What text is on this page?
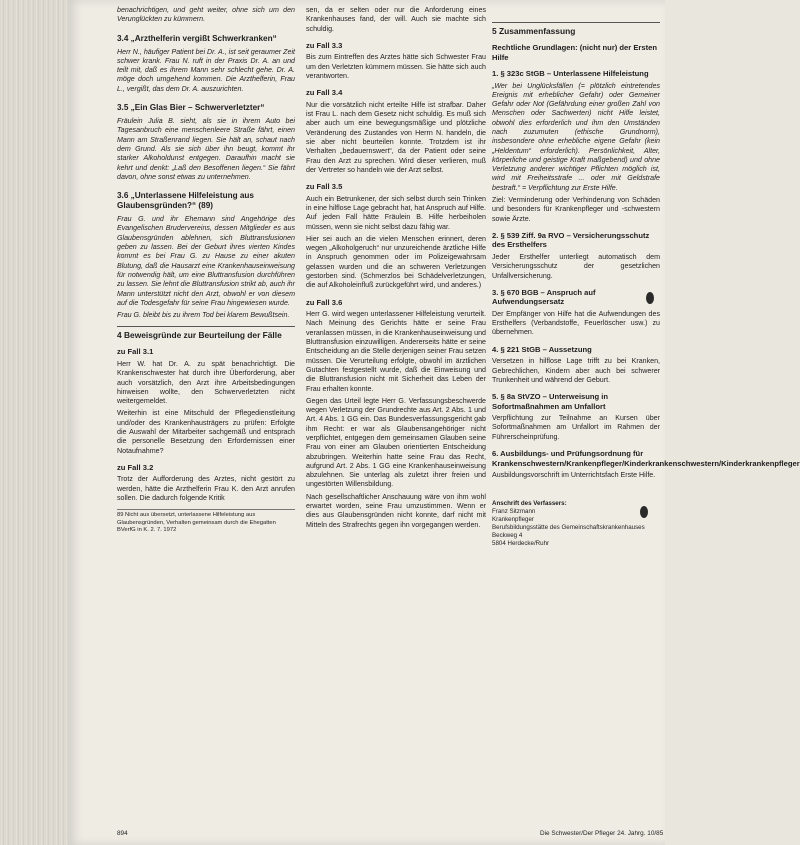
benachrichtigen, und geht weiter, ohne sich um den Verunglückten zu kümmern.

3.4 „Arzthelferin vergißt Schwerkranken“

Herr N., häufiger Patient bei Dr. A., ist seit geraumer Zeit schwer krank. Frau N. ruft in der Praxis Dr. A. an und teilt mit, daß es ihrem Mann sehr schlecht gehe. Dr. A. möge doch umgehend kommen. Die Arzthelferin, Frau L., vergißt, das dem Dr. A. auszurichten.

3.5 „Ein Glas Bier – Schwerverletzter“

Fräulein Julia B. sieht, als sie in ihrem Auto bei Tagesanbruch eine menschenleere Straße fährt, einen Mann am Straßenrand liegen. Sie hält an, schaut nach dem Grund. Als sie sich über ihn beugt, kommt ihr starker Alkoholdunst entgegen. Daraufhin macht sie kehrt und denkt: „Laß den Besoffenen liegen.“ Sie fährt davon, ohne sonst etwas zu unternehmen.

3.6 „Unterlassene Hilfeleistung aus Glaubensgründen?“ (89)

Frau G. und ihr Ehemann sind Angehörige des Evangelischen Brudervereins, dessen Mitglieder es aus Glaubensgründen ablehnen, sich Bluttransfusionen geben zu lassen. Bei der Geburt ihres vierten Kindes kommt es bei Frau G. zu Hause zu einer akuten Blutung, daß die Hausarzt eine Krankenhauseinweisung für notwendig hält, um eine Bluttransfusion durchführen zu lassen. Sie lehnt die Bluttransfusion strikt ab, auch ihr Mann unterstützt nicht den Arzt, obwohl er von diesem auf die Todesgefahr für seine Frau hingewiesen wurde.

Frau G. bleibt bis zu ihrem Tod bei klarem Bewußtsein.

4 Beweisgründe zur Beurteilung der Fälle
zu Fall 3.1

Herr W. hat Dr. A. zu spät benachrichtigt. Die Krankenschwester hat durch ihre Überforderung, aber auch vorsätzlich, den Arzt ihre Arbeitsbedingungen hinweisen wollte, den Schwerverletzten nicht weitergemeldet.

Weiterhin ist eine Mitschuld der Pflegedienstleitung und/oder des Krankenhausträgers zu prüfen: Erfolgte die Auswahl der Mitarbeiter sachgemäß und entsprach die personelle Besetzung den Erfordernissen einer Notaufnahme?

zu Fall 3.2

Trotz der Aufforderung des Arztes, nicht gestört zu werden, hätte die Arzthelferin Frau K. den Arzt anrufen sollen. Die dadurch folgende Kritik

89 Nicht aus übersetzt, unterlassene Hilfeleistung aus Glaubensgründen, Verhalten gemeinsam durch die Ehegatten BVerfG in K. 2. 7. 1972

sen, da er selten oder nur die Anforderung eines Krankenhauses fand, der will. Auch sie machte sich schuldig.

zu Fall 3.3

Bis zum Eintreffen des Arztes hätte sich Schwester Frau um den Verletzten kümmern müssen. Sie hätte sich auch verantworten.

zu Fall 3.4

Nur die vorsätzlich nicht erteilte Hilfe ist strafbar. Daher ist Frau L. nach dem Gesetz nicht schuldig. Es muß sich aber auch um eine bewegungsmäßige und plötzliche Veränderung des Zustandes von Herrn N. handeln, die sie aber nicht beurteilen konnte. Trotzdem ist ihr Verhalten „bedauernswert“, da der Patient oder seine Frau den Arzt zu sprechen. Wird dieser verlieren, muß der Vertreter so handeln wie der Arzt selbst.

zu Fall 3.5

Auch ein Betrunkener, der sich selbst durch sein Trinken in eine hilflose Lage gebracht hat, hat Anspruch auf Hilfe. Auf jeden Fall hätte Fräulein B. Hilfe herbeiholen müssen, wenn sie nicht selbst dazu fähig war.

Hier sei auch an die vielen Menschen erinnert, deren wegen „Alkoholgeruch“ nur unzureichende ärztliche Hilfe in Anspruch genommen oder im Polizeigewahrsam gelassen wurden und die an schweren Verletzungen gestorben sind. (Schmerzlos bei Schädelverletzungen, die auf Alkoholeinfluß zurückgeführt wird, und anderes.)

zu Fall 3.6

Herr G. wird wegen unterlassener Hilfeleistung verurteilt. Nach Meinung des Gerichts hätte er seine Frau veranlassen müssen, in die Krankenhauseinweisung und Bluttransfusion einzuwilligen. Andererseits hätte er seine Entscheidung an die Stelle derjenigen seiner Frau setzen müssen. Die Verurteilung erfolgte, obwohl im ärztlichen Gutachten festgestellt wurde, daß die Einweisung und die Bluttransfusion nicht mit Sicherheit das Leben der Frau erhalten konnte.

Gegen das Urteil legte Herr G. Verfassungsbeschwerde wegen Verletzung der Grundrechte aus Art. 2 Abs. 1 und Art. 4 Abs. 1 GG ein. Das Bundesverfassungsgericht gab ihm Recht: er war als Glaubensangehöriger nicht verpflichtet, entgegen dem gemeinsamen Glauben seine Frau von einer am Glauben orientierten Entscheidung abzubringen. Weiterhin hatte seine Frau das Recht, aufgrund Art. 2 Abs. 1 GG eine Krankenhauseinweisung abzulehnen. Sie unterlag als zuletzt ihrer freien und ungestörten Willensbildung.

Nach gesellschaftlicher Anschauung wäre von ihm wohl erwartet worden, seine Frau umzustimmen. Wenn er dies aus Glaubensgründen nicht konnte, darf nicht mit Mitteln des Strafrechts gegen ihn vorgegangen werden.

5 Zusammenfassung
Rechtliche Grundlagen: (nicht nur) der Ersten Hilfe
1. § 323c StGB – Unterlassene Hilfeleistung

„Wer bei Unglücksfällen (= plötzlich eintretendes Ereignis mit erheblicher Gefahr) oder Gemeiner Gefahr oder Not (Gefährdung einer großen Zahl von Menschen oder Sachwerten) nicht Hilfe leistet, obwohl dies erforderlich und ihm den Umständen nach zuzumuten (ethische Grundnorm), insbesondere ohne erhebliche eigene Gefahr (kein „Heldentum“ erforderlich). Persönlichkeit, Alter, körperliche und geistige Kraft maßgebend) und ohne Verletzung anderer wichtiger Pflichten möglich ist, wird mit Freiheitsstrafe ... oder mit Geldstrafe bestraft.“ = Verpflichtung zur Erste Hilfe.

Ziel: Verminderung oder Verhinderung von Schäden und besonders für Krankenpfleger und -schwestern sowie Ärzte.

2. § 539 Ziff. 9a RVO – Versicherungsschutz des Ersthelfers

Jeder Ersthelfer unterliegt automatisch dem Versicherungsschutz der gesetzlichen Unfallversicherung.

3. § 670 BGB – Anspruch auf Aufwendungsersatz

Der Empfänger von Hilfe hat die Aufwendungen des Ersthelfers (Verbandstoffe, Feuerlöscher usw.) zu übernehmen.

4. § 221 StGB – Aussetzung

Versetzen in hilflose Lage trifft zu bei Kranken, Gebrechlichen, Kindern aber auch bei schwerer Trunkenheit und während der Geburt.

5. § 8a StVZO – Unterweisung in Sofortmaßnahmen am Unfallort

Verpflichtung zur Teilnahme an Kursen über Sofortmaßnahmen am Unfallort im Rahmen der Führerscheinprüfung.

6. Ausbildungs- und Prüfungsordnung für Krankenschwestern/Krankenpfleger/Kinderkrankenschwestern/Kinderkrankenpfleger

Ausbildungsvorschrift im Unterrichtsfach Erste Hilfe.

Anschrift des Verfassers:
Franz Sitzmann
Krankenpfleger
Berufsbildungsstätte des Gemeinschaftskrankenhauses
Beckweg 4
5804 Herdecke/Ruhr
894	Die Schwester/Der Pfleger 24. Jahrg. 10/85
